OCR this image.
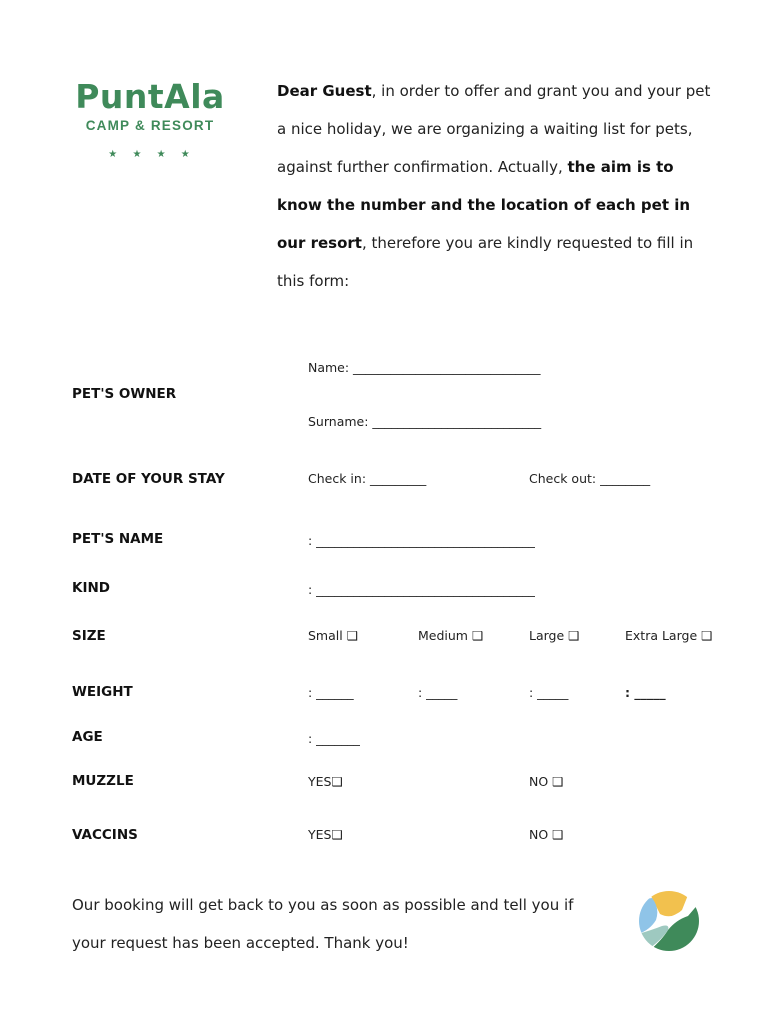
PuntAla
CAMP & RESORT
★ ★ ★ ★
Dear Guest, in order to offer and grant you and your pet a nice holiday, we are organizing a waiting list for pets, against further confirmation. Actually, the aim is to know the number and the location of each pet in our resort, therefore you are kindly requested to fill in this form:
PET'S OWNER
Name: ______________________________
Surname: ___________________________
DATE OF YOUR STAY	Check in: _________	Check out: ________
PET'S NAME	: ___________________________________
KIND	: ___________________________________
SIZE	Small ❑	Medium ❑	Large ❑	Extra Large ❑
WEIGHT	: ______	: _____	: _____	: _____
AGE	: _______
MUZZLE	YES❑	NO ❑
VACCINS	YES❑	NO ❑
Our booking will get back to you as soon as possible and tell you if your request has been accepted. Thank you!
